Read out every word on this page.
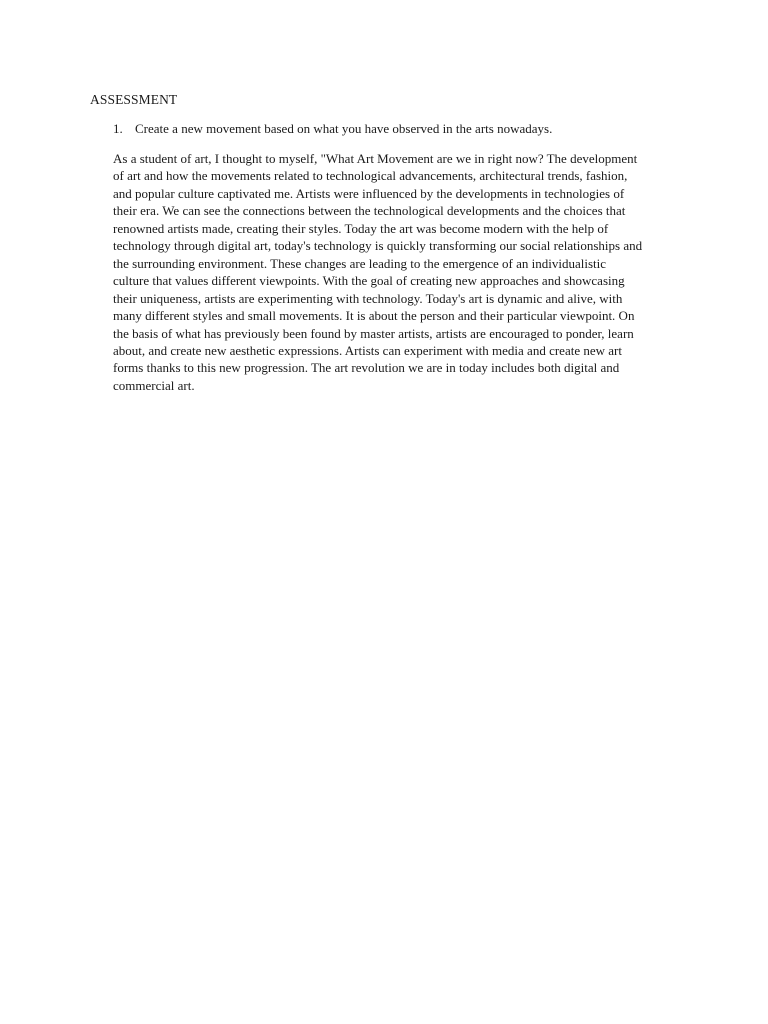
ASSESSMENT

1. Create a new movement based on what you have observed in the arts nowadays.

As a student of art, I thought to myself, "What Art Movement are we in right now? The development
of art and how the movements related to technological advancements, architectural trends, fashion,
and popular culture captivated me. Artists were influenced by the developments in technologies of
their era. We can see the connections between the technological developments and the choices that
renowned artists made, creating their styles. Today the art was become modern with the help of
technology through digital art, today's technology is quickly transforming our social relationships and
the surrounding environment. These changes are leading to the emergence of an individualistic
culture that values different viewpoints. With the goal of creating new approaches and showcasing
their uniqueness, artists are experimenting with technology. Today's art is dynamic and alive, with
many different styles and small movements. It is about the person and their particular viewpoint. On
the basis of what has previously been found by master artists, artists are encouraged to ponder, learn
about, and create new aesthetic expressions. Artists can experiment with media and create new art
forms thanks to this new progression. The art revolution we are in today includes both digital and
commercial art.
